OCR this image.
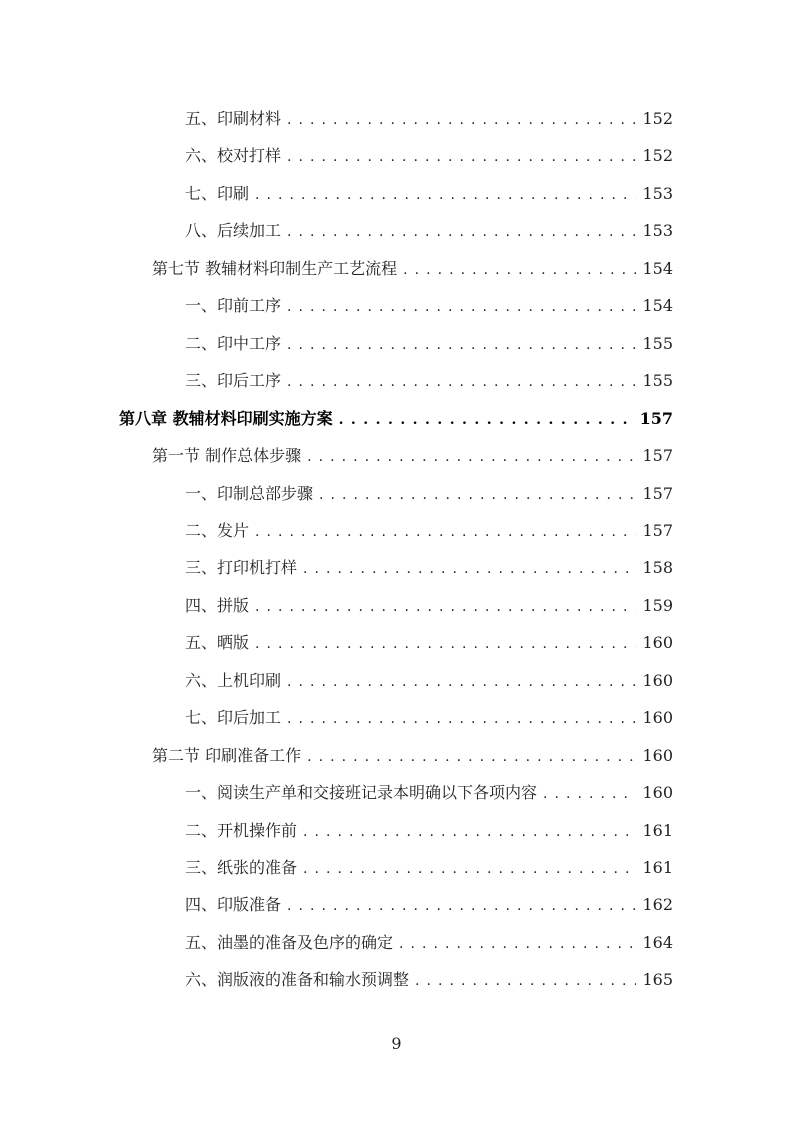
五、印刷材料 . . .	152
六、校对打样 . . .	152
七、印刷 . . .	153
八、后续加工 . . .	153
第七节 教辅材料印制生产工艺流程 . . .	154
一、印前工序 . . .	154
二、印中工序 . . .	155
三、印后工序 . . .	155
第八章 教辅材料印刷实施方案 . . .	157
第一节 制作总体步骤 . . .	157
一、印制总部步骤 . . .	157
二、发片 . . .	157
三、打印机打样 . . .	158
四、拼版 . . .	159
五、晒版 . . .	160
六、上机印刷 . . .	160
七、印后加工 . . .	160
第二节 印刷准备工作 . . .	160
一、阅读生产单和交接班记录本明确以下各项内容 . . .	160
二、开机操作前 . . .	161
三、纸张的准备 . . .	161
四、印版准备 . . .	162
五、油墨的准备及色序的确定 . . .	164
六、润版液的准备和输水预调整 . . .	165
9
